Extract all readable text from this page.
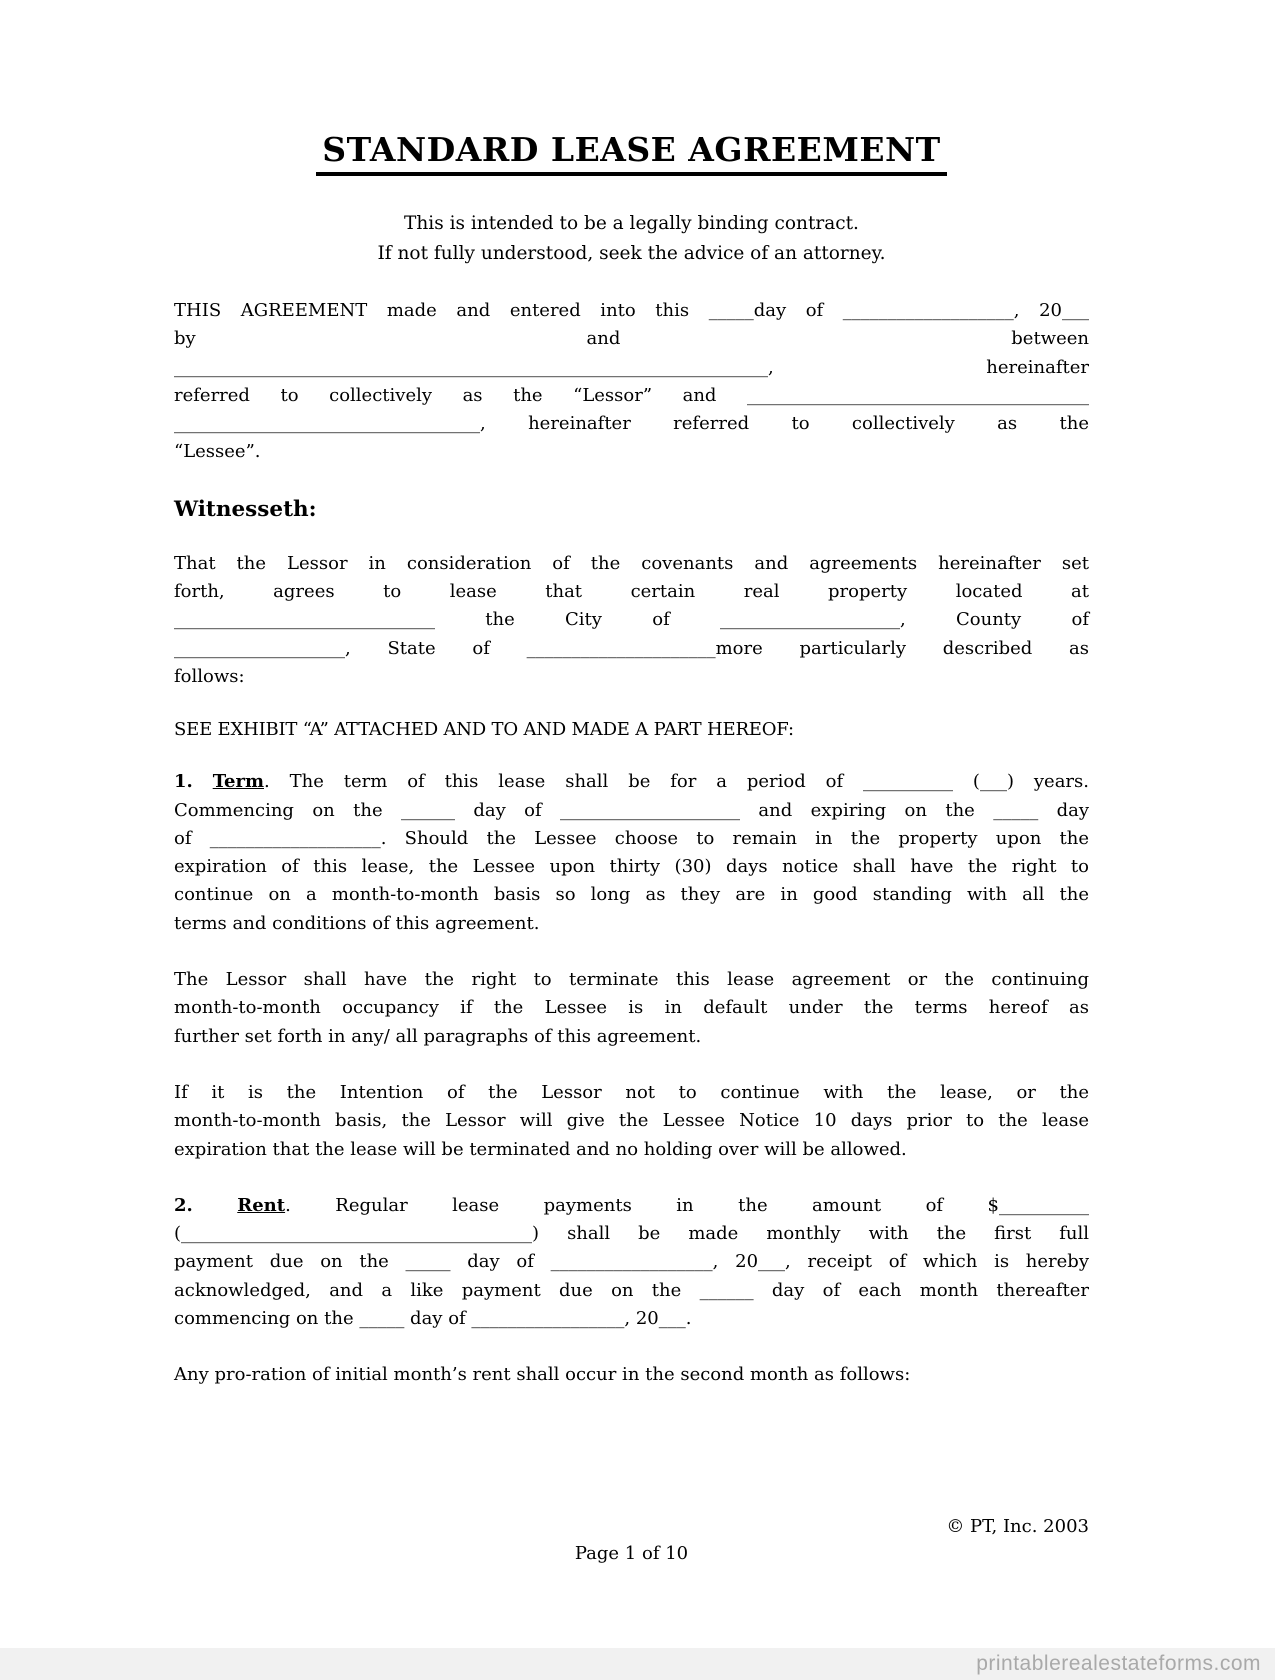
STANDARD LEASE AGREEMENT
This is intended to be a legally binding contract.
If not fully understood, seek the advice of an attorney.
THIS AGREEMENT made and entered into this _____day of ___________________, 20___
by and between
__________________________________________________________________, hereinafter
referred to collectively as the “Lessor” and ______________________________________
__________________________________, hereinafter referred to collectively as the
“Lessee”.
Witnesseth:
That the Lessor in consideration of the covenants and agreements hereinafter set
forth, agrees to lease that certain real property located at
_____________________________ the City of ____________________, County of
___________________, State of _____________________more particularly described as
follows:
SEE EXHIBIT “A” ATTACHED AND TO AND MADE A PART HEREOF:
1. Term. The term of this lease shall be for a period of __________ (___) years.
Commencing on the ______ day of ____________________ and expiring on the _____ day
of ___________________. Should the Lessee choose to remain in the property upon the
expiration of this lease, the Lessee upon thirty (30) days notice shall have the right to
continue on a month-to-month basis so long as they are in good standing with all the
terms and conditions of this agreement.
The Lessor shall have the right to terminate this lease agreement or the continuing
month-to-month occupancy if the Lessee is in default under the terms hereof as
further set forth in any/ all paragraphs of this agreement.
If it is the Intention of the Lessor not to continue with the lease, or the
month-to-month basis, the Lessor will give the Lessee Notice 10 days prior to the lease
expiration that the lease will be terminated and no holding over will be allowed.
2. Rent. Regular lease payments in the amount of $__________
(_______________________________________) shall be made monthly with the first full
payment due on the _____ day of __________________, 20___, receipt of which is hereby
acknowledged, and a like payment due on the ______ day of each month thereafter
commencing on the _____ day of _________________, 20___.
Any pro-ration of initial month’s rent shall occur in the second month as follows:
© PT, Inc. 2003
Page 1 of 10
printablerealestateforms.com
